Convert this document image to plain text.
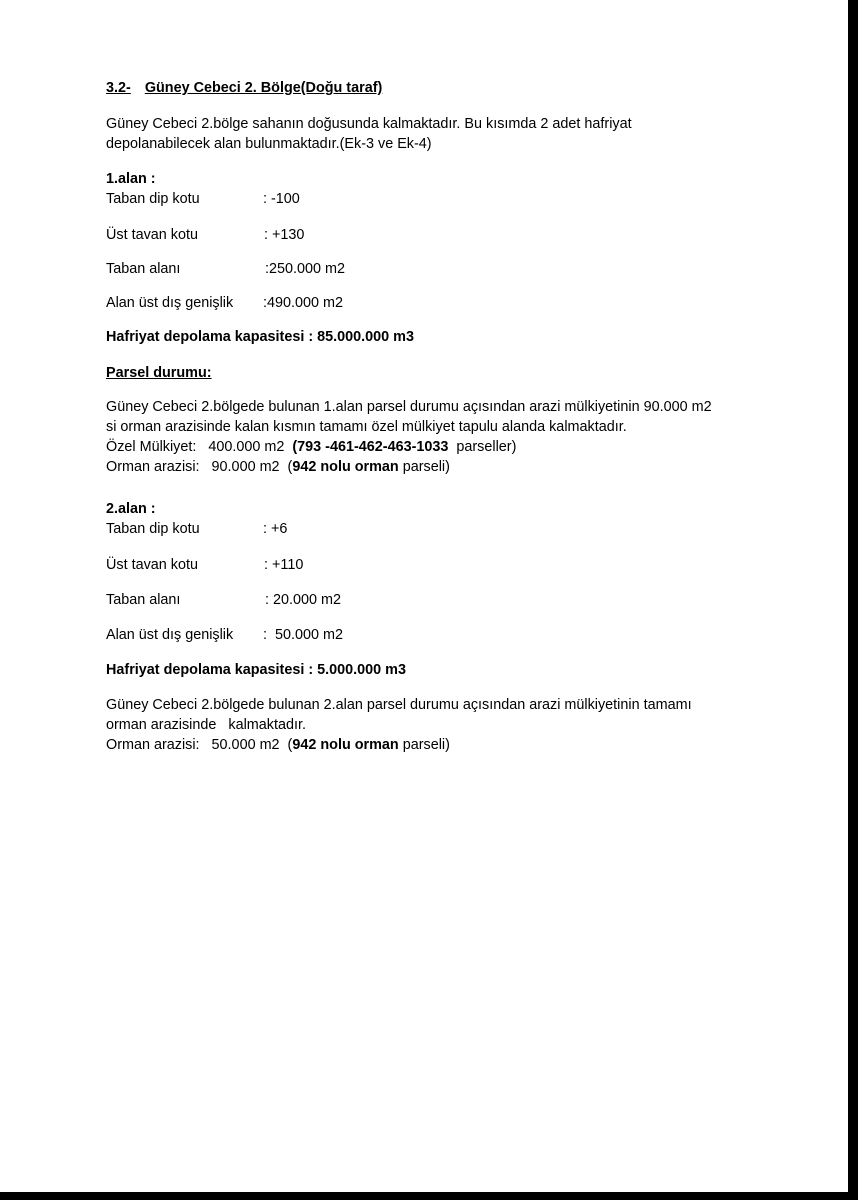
3.2- Güney Cebeci 2. Bölge(Doğu taraf)

Güney Cebeci 2.bölge sahanın doğusunda kalmaktadır. Bu kısımda 2 adet hafriyat

depolanabilecek alan bulunmaktadır.(Ek-3 ve Ek-4)

1.alan :

Taban dip kotu	: -100
Üst tavan kotu	: +130
Taban alanı	:250.000 m2
Alan üst dış genişlik	:490.000 m2

Hafriyat depolama kapasitesi : 85.000.000 m3

Parsel durumu:

Güney Cebeci 2.bölgede bulunan 1.alan parsel durumu açısından arazi mülkiyetinin 90.000 m2

si orman arazisinde kalan kısmın tamamı özel mülkiyet tapulu alanda kalmaktadır.

Özel Mülkiyet:   400.000 m2  (793 -461-462-463-1033  parseller)

Orman arazisi:   90.000 m2  (942 nolu orman parseli)

2.alan :

Taban dip kotu	: +6
Üst tavan kotu	: +110
Taban alanı	: 20.000 m2
Alan üst dış genişlik	:  50.000 m2

Hafriyat depolama kapasitesi : 5.000.000 m3

Güney Cebeci 2.bölgede bulunan 2.alan parsel durumu açısından arazi mülkiyetinin tamamı

orman arazisinde   kalmaktadır.

Orman arazisi:   50.000 m2  (942 nolu orman parseli)
